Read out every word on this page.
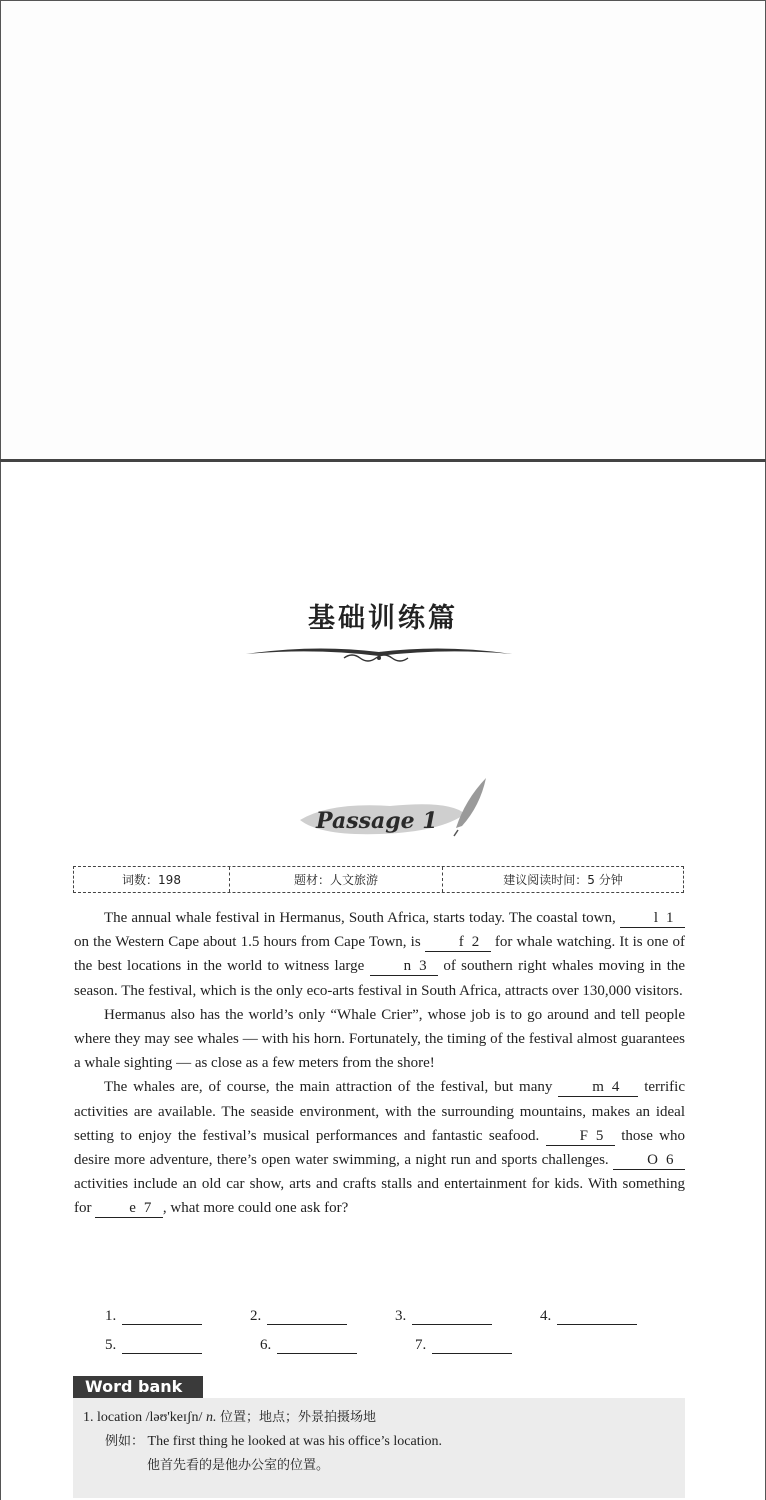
基础训练篇
Passage 1
词数：198	题材：人文旅游	建议阅读时间：5 分钟

The annual whale festival in Hermanus, South Africa, starts today. The coastal town,	l 1   on the Western Cape about 1.5 hours from Cape Town, is	f 2 for whale watching. It is one of the best locations in the world to witness large	n 3 of southern right whales moving in the season. The festival, which is the only eco-arts festival in South Africa, attracts over 130,000 visitors.

Hermanus also has the world’s only “Whale Crier”, whose job is to go around and tell people where they may see whales — with his horn. Fortunately, the timing of the festival almost guarantees a whale sighting — as close as a few meters from the shore!

The whales are, of course, the main attraction of the festival, but many	m 4 terrific activities are available. The seaside environment, with the surrounding mountains, makes an ideal setting to enjoy the festival’s musical performances and fantastic seafood.	F 5 those who desire more adventure, there’s open water swimming, a night run and sports challenges.	O 6   activities include an old car show, arts and crafts stalls and entertainment for kids. With something for	e 7 , what more could one ask for?

1.	2.	3.	4.
5.	6.	7.
Word bank
1. location /ləʊ'keɪʃn/ n. 位置；地点；外景拍摄场地
例如： The first thing he looked at was his office’s location.
他首先看的是他办公室的位置。
